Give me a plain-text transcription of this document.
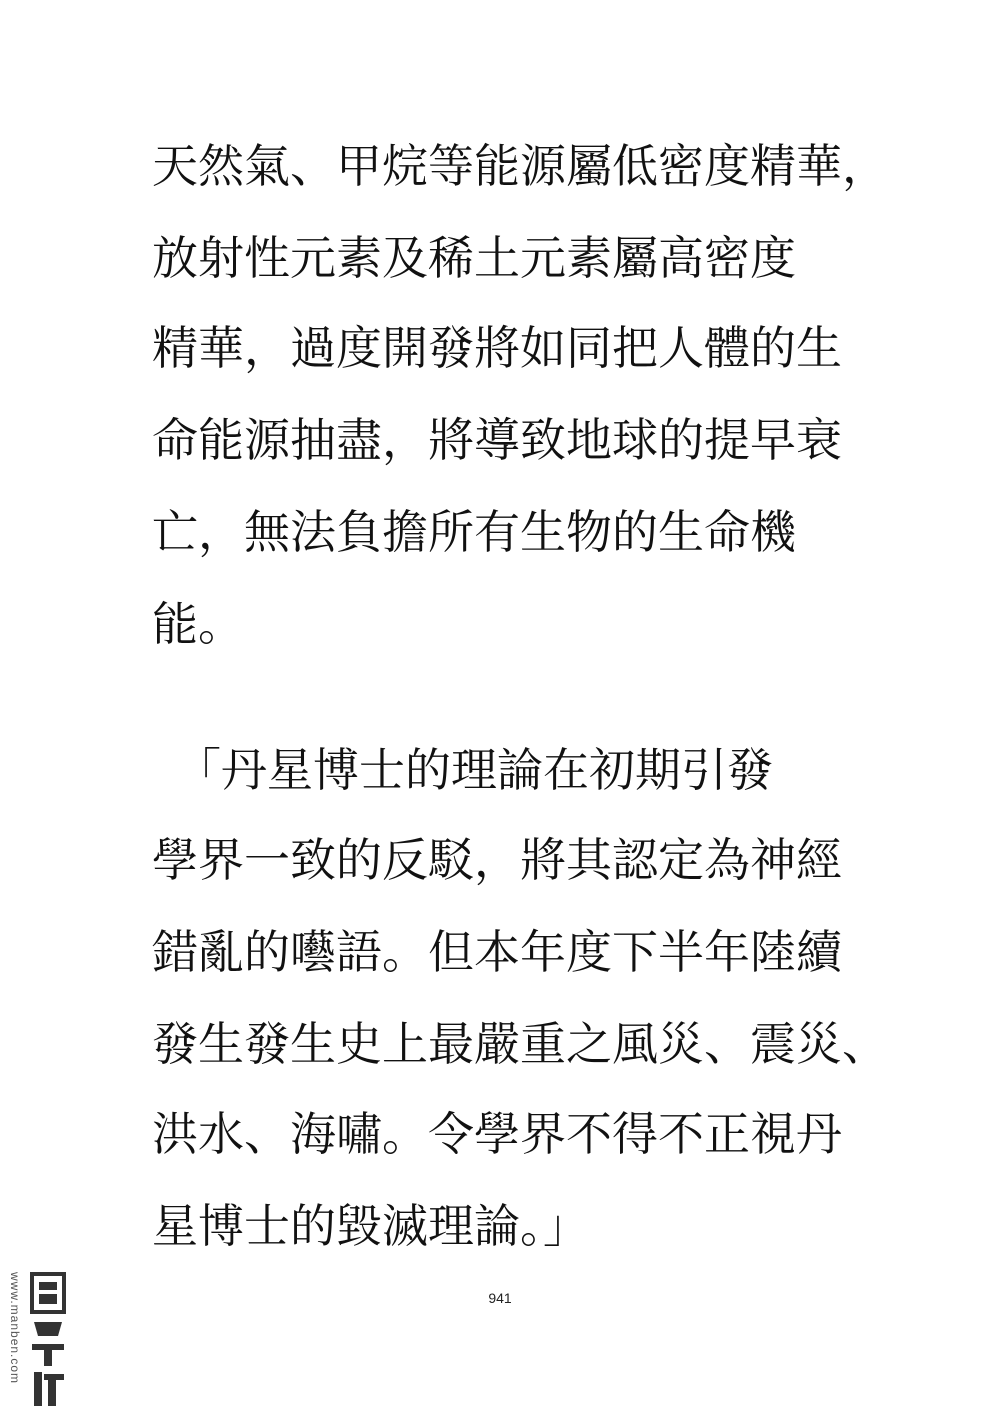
天然氣、甲烷等能源屬低密度精華，
放射性元素及稀土元素屬高密度
精華，過度開發將如同把人體的生
命能源抽盡，將導致地球的提早衰
亡，無法負擔所有生物的生命機
能。
　「丹星博士的理論在初期引發
學界一致的反駁，將其認定為神經
錯亂的囈語。但本年度下半年陸續
發生發生史上最嚴重之風災、震災、
洪水、海嘯。令學界不得不正視丹
星博士的毀滅理論。」
941
www.manben.com
